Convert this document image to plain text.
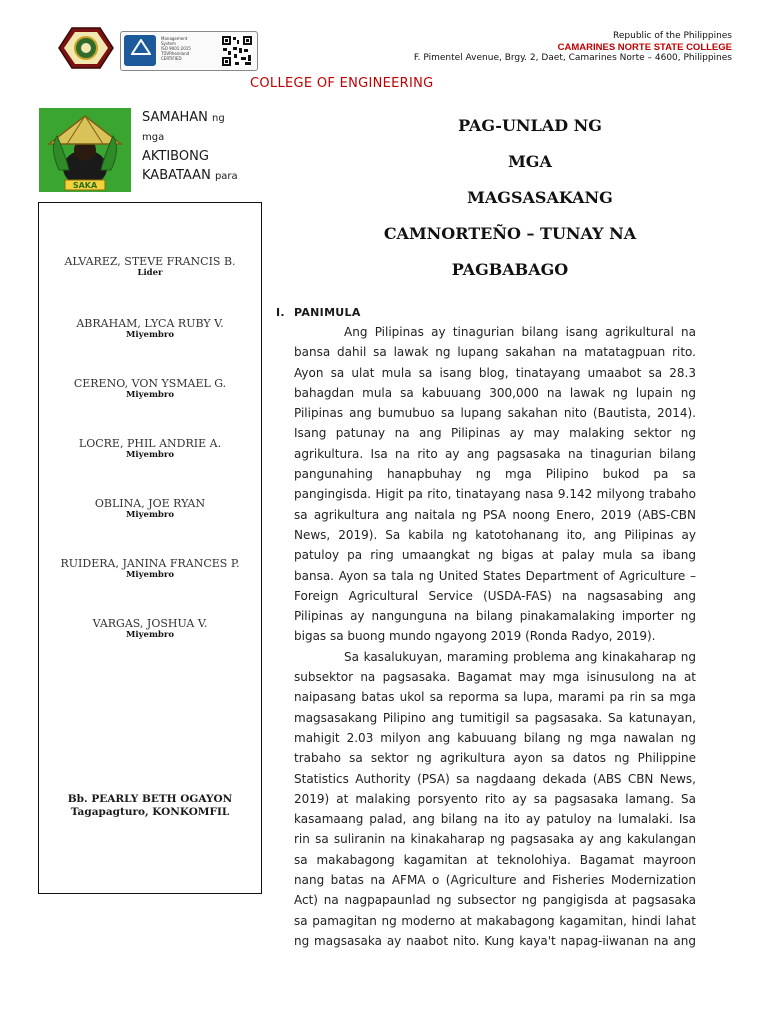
Management
System
ISO 9001:2015
TÜVRheinland
CERTIFIED
Republic of the Philippines
CAMARINES NORTE STATE COLLEGE
F. Pimentel Avenue, Brgy. 2, Daet, Camarines Norte – 4600, Philippines
COLLEGE OF ENGINEERING
SAKA
SAMAHAN ng
mga
AKTIBONG
KABATAAN para
PAG-UNLAD NG
MGA
MAGSASAKANG
CAMNORTEÑO – TUNAY NA
PAGBABAGO
ALVAREZ, STEVE FRANCIS B.
Lider
ABRAHAM, LYCA RUBY V.
Miyembro
CERENO, VON YSMAEL G.
Miyembro
LOCRE, PHIL ANDRIE A.
Miyembro
OBLINA, JOE RYAN
Miyembro
RUIDERA, JANINA FRANCES P.
Miyembro
VARGAS, JOSHUA V.
Miyembro
Bb. PEARLY BETH OGAYON
Tagapagturo, KONKOMFIL
I. PANIMULA
Ang Pilipinas ay tinagurian bilang isang agrikultural na
bansa dahil sa lawak ng lupang sakahan na matatagpuan rito.
Ayon sa ulat mula sa isang blog, tinatayang umaabot sa 28.3
bahagdan mula sa kabuuang 300,000 na lawak ng lupain ng
Pilipinas ang bumubuo sa lupang sakahan nito (Bautista, 2014).
Isang patunay na ang Pilipinas ay may malaking sektor ng
agrikultura. Isa na rito ay ang pagsasaka na tinagurian bilang
pangunahing hanapbuhay ng mga Pilipino bukod pa sa
pangingisda. Higit pa rito, tinatayang nasa 9.142 milyong trabaho
sa agrikultura ang naitala ng PSA noong Enero, 2019 (ABS-CBN
News, 2019). Sa kabila ng katotohanang ito, ang Pilipinas ay
patuloy pa ring umaangkat ng bigas at palay mula sa ibang
bansa. Ayon sa tala ng United States Department of Agriculture –
Foreign Agricultural Service (USDA-FAS) na nagsasabing ang
Pilipinas ay nangunguna na bilang pinakamalaking importer ng
bigas sa buong mundo ngayong 2019 (Ronda Radyo, 2019).
Sa kasalukuyan, maraming problema ang kinakaharap ng
subsektor na pagsasaka. Bagamat may mga isinusulong na at
naipasang batas ukol sa reporma sa lupa, marami pa rin sa mga
magsasakang Pilipino ang tumitigil sa pagsasaka. Sa katunayan,
mahigit 2.03 milyon ang kabuuang bilang ng mga nawalan ng
trabaho sa sektor ng agrikultura ayon sa datos ng Philippine
Statistics Authority (PSA) sa nagdaang dekada (ABS CBN News,
2019) at malaking porsyento rito ay sa pagsasaka lamang. Sa
kasamaang palad, ang bilang na ito ay patuloy na lumalaki. Isa
rin sa suliranin na kinakaharap ng pagsasaka ay ang kakulangan
sa makabagong kagamitan at teknolohiya. Bagamat mayroon
nang batas na AFMA o (Agriculture and Fisheries Modernization
Act) na nagpapaunlad ng subsector ng pangigisda at pagsasaka
sa pamagitan ng moderno at makabagong kagamitan, hindi lahat
ng magsasaka ay naabot nito. Kung kaya't napag-iiwanan na ang
